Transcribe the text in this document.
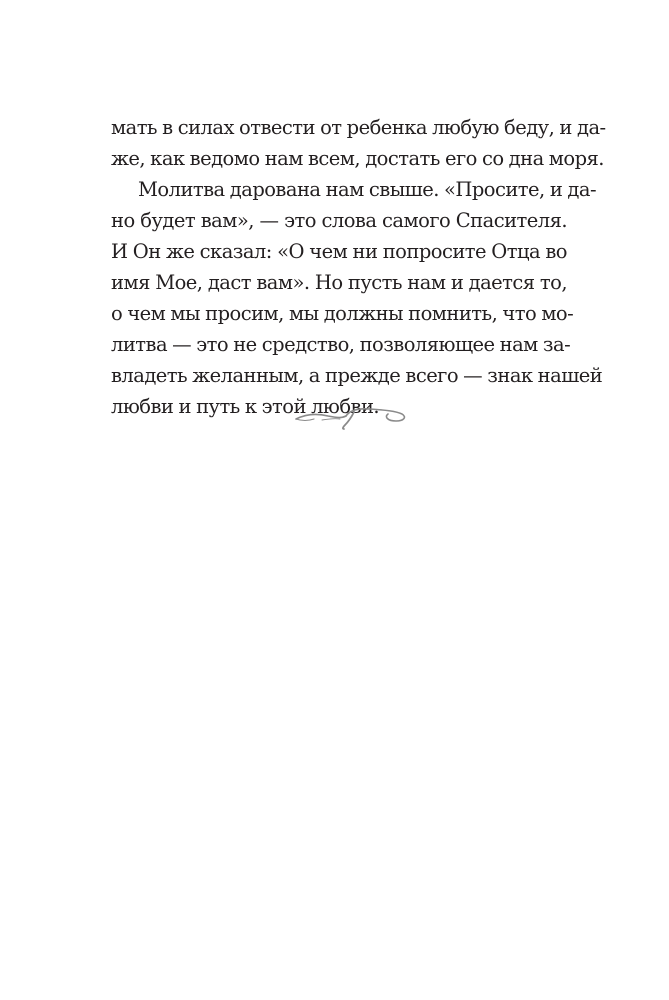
мать в силах отвести от ребенка любую беду, и да-
же, как ведомо нам всем, достать его со дна моря.
Молитва дарована нам свыше. «Просите, и да-
но будет вам», — это слова самого Спасителя.
И Он же сказал: «О чем ни попросите Отца во
имя Мое, даст вам». Но пусть нам и дается то,
о чем мы просим, мы должны помнить, что мо-
литва — это не средство, позволяющее нам за-
владеть желанным, а прежде всего — знак нашей
любви и путь к этой любви.
